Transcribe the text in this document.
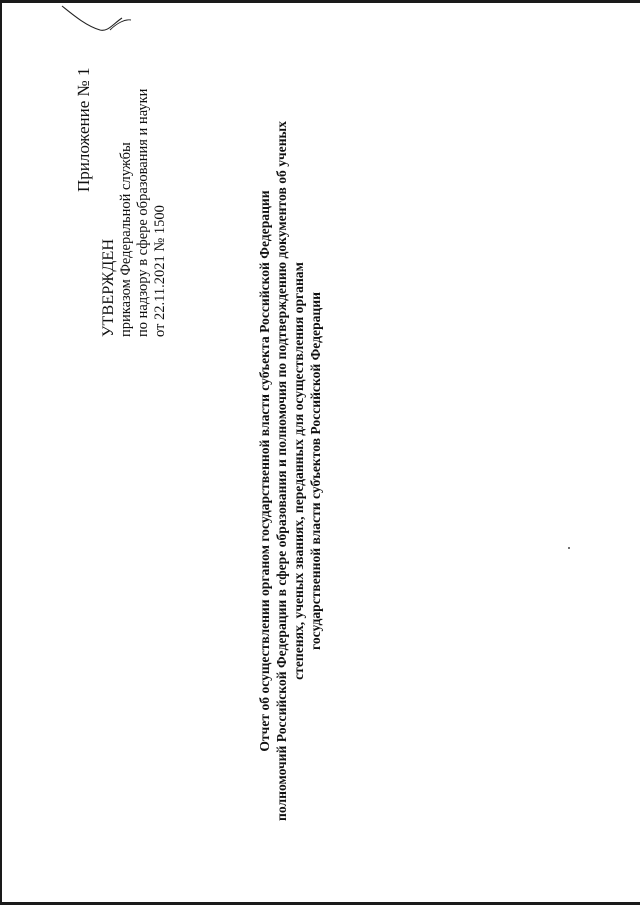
Приложение № 1
УТВЕРЖДЕН приказом Федеральной службы по надзору в сфере образования и науки от 22.11.2021 № 1500	Отчет об осуществлении органом государственной власти субъекта Российской Федерации полномочий Российской Федерации в сфере образования и полномочия по подтверждению документов об ученых степенях, ученых званиях, переданных для осуществления органам государственной власти субъектов Российской Федерации
